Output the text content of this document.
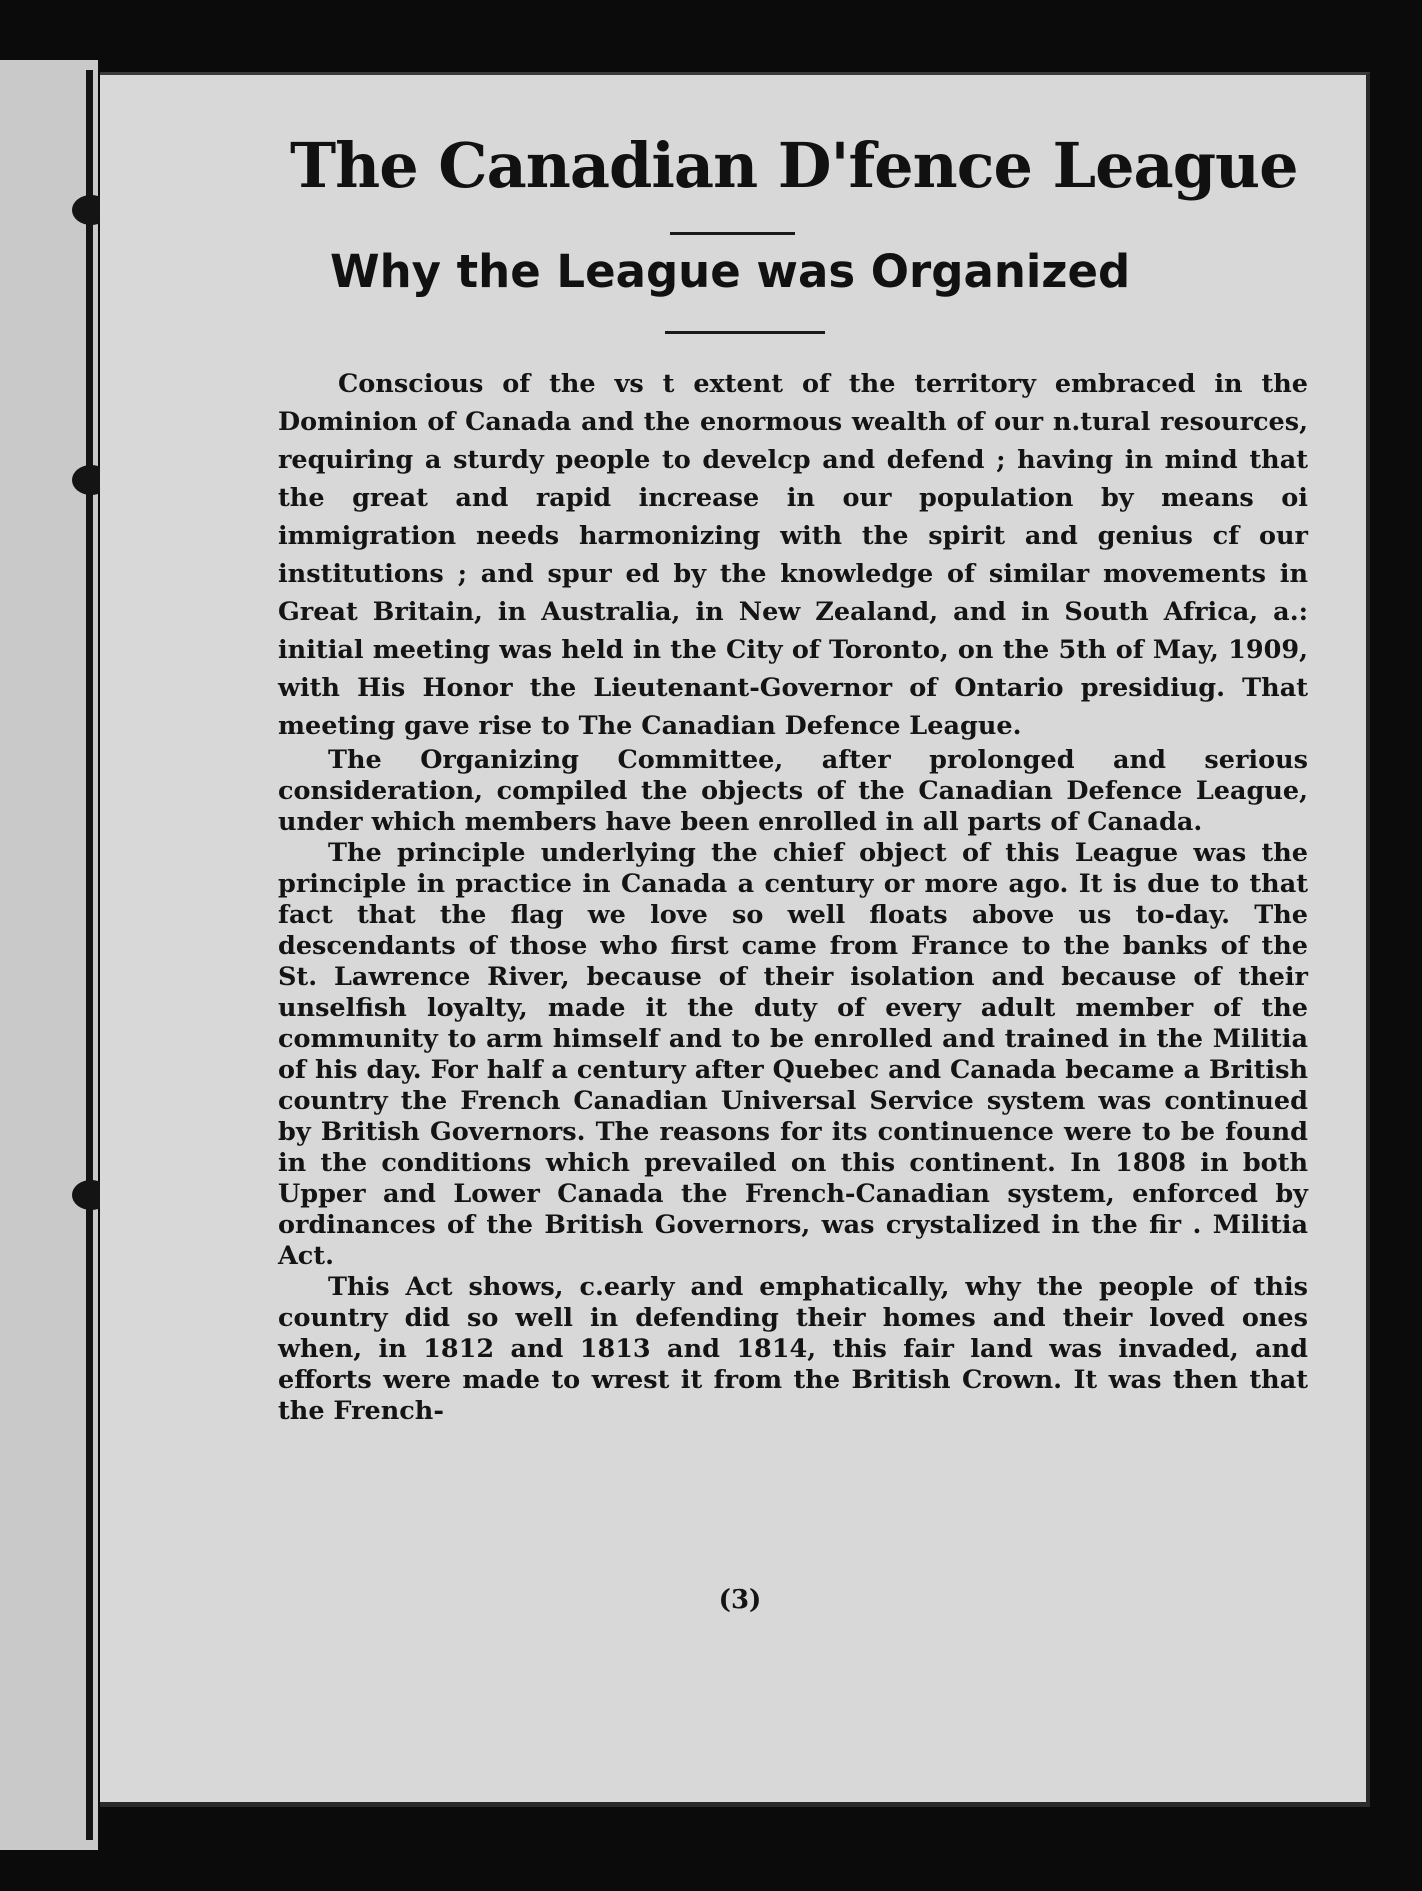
The Canadian D'fence League
Why the League was Organized

Conscious of the vs t extent of the territory embraced in the Dominion of Canada and the enormous wealth of our n.tural resources, requiring a sturdy people to develcp and defend ; having in mind that the great and rapid increase in our population by means oi immigration needs harmonizing with the spirit and genius cf our institutions ; and spur ed by the knowledge of similar movements in Great Britain, in Australia, in New Zealand, and in South Africa, a.: initial meeting was held in the City of Toronto, on the 5th of May, 1909, with His Honor the Lieutenant-Governor of Ontario presidiug. That meeting gave rise to The Canadian Defence League.

The Organizing Committee, after prolonged and serious consideration, compiled the objects of the Canadian Defence League, under which members have been enrolled in all parts of Canada.

The principle underlying the chief object of this League was the principle in practice in Canada a century or more ago. It is due to that fact that the flag we love so well floats above us to-day. The descendants of those who first came from France to the banks of the St. Lawrence River, because of their isolation and because of their unselfish loyalty, made it the duty of every adult member of the community to arm himself and to be enrolled and trained in the Militia of his day. For half a century after Quebec and Canada became a British country the French Canadian Universal Service system was continued by British Governors. The reasons for its continuence were to be found in the conditions which prevailed on this continent. In 1808 in both Upper and Lower Canada the French-Canadian system, enforced by ordinances of the British Governors, was crystalized in the fir . Militia Act.

This Act shows, c.early and emphatically, why the people of this country did so well in defending their homes and their loved ones when, in 1812 and 1813 and 1814, this fair land was invaded, and efforts were made to wrest it from the British Crown. It was then that the French-

(3)
